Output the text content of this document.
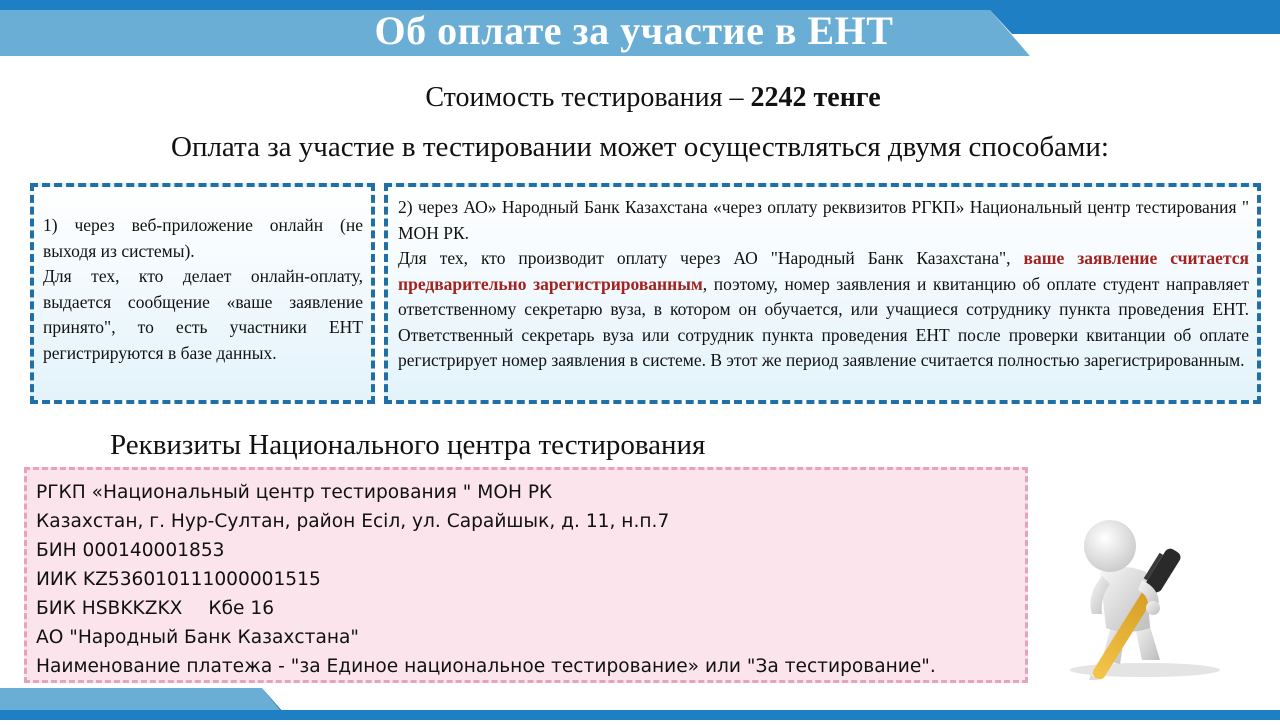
Об оплате за участие в ЕНТ
Стоимость тестирования – 2242 тенге
Оплата за участие в тестировании может осуществляться двумя способами:

1) через веб-приложение онлайн (не выходя из системы).

Для тех, кто делает онлайн-оплату, выдается сообщение «ваше заявление принято", то есть участники ЕНТ регистрируются в базе данных.

2) через АО» Народный Банк Казахстана «через оплату реквизитов РГКП» Национальный центр тестирования " МОН РК.

Для тех, кто производит оплату через АО "Народный Банк Казахстана", ваше заявление считается предварительно зарегистрированным, поэтому, номер заявления и квитанцию об оплате студент направляет ответственному секретарю вуза, в котором он обучается, или учащиеся сотруднику пункта проведения ЕНТ. Ответственный секретарь вуза или сотрудник пункта проведения ЕНТ после проверки квитанции об оплате регистрирует номер заявления в системе. В этот же период заявление считается полностью зарегистрированным.

Реквизиты Национального центра тестирования
РГКП «Национальный центр тестирования " МОН РК
Казахстан, г. Нур-Султан, район Есіл, ул. Сарайшык, д. 11, н.п.7
БИН 000140001853
ИИК KZ536010111000001515
БИК HSBKKZKX Кбе 16
АО "Народный Банк Казахстана"
Наименование платежа - "за Единое национальное тестирование» или "За тестирование".
